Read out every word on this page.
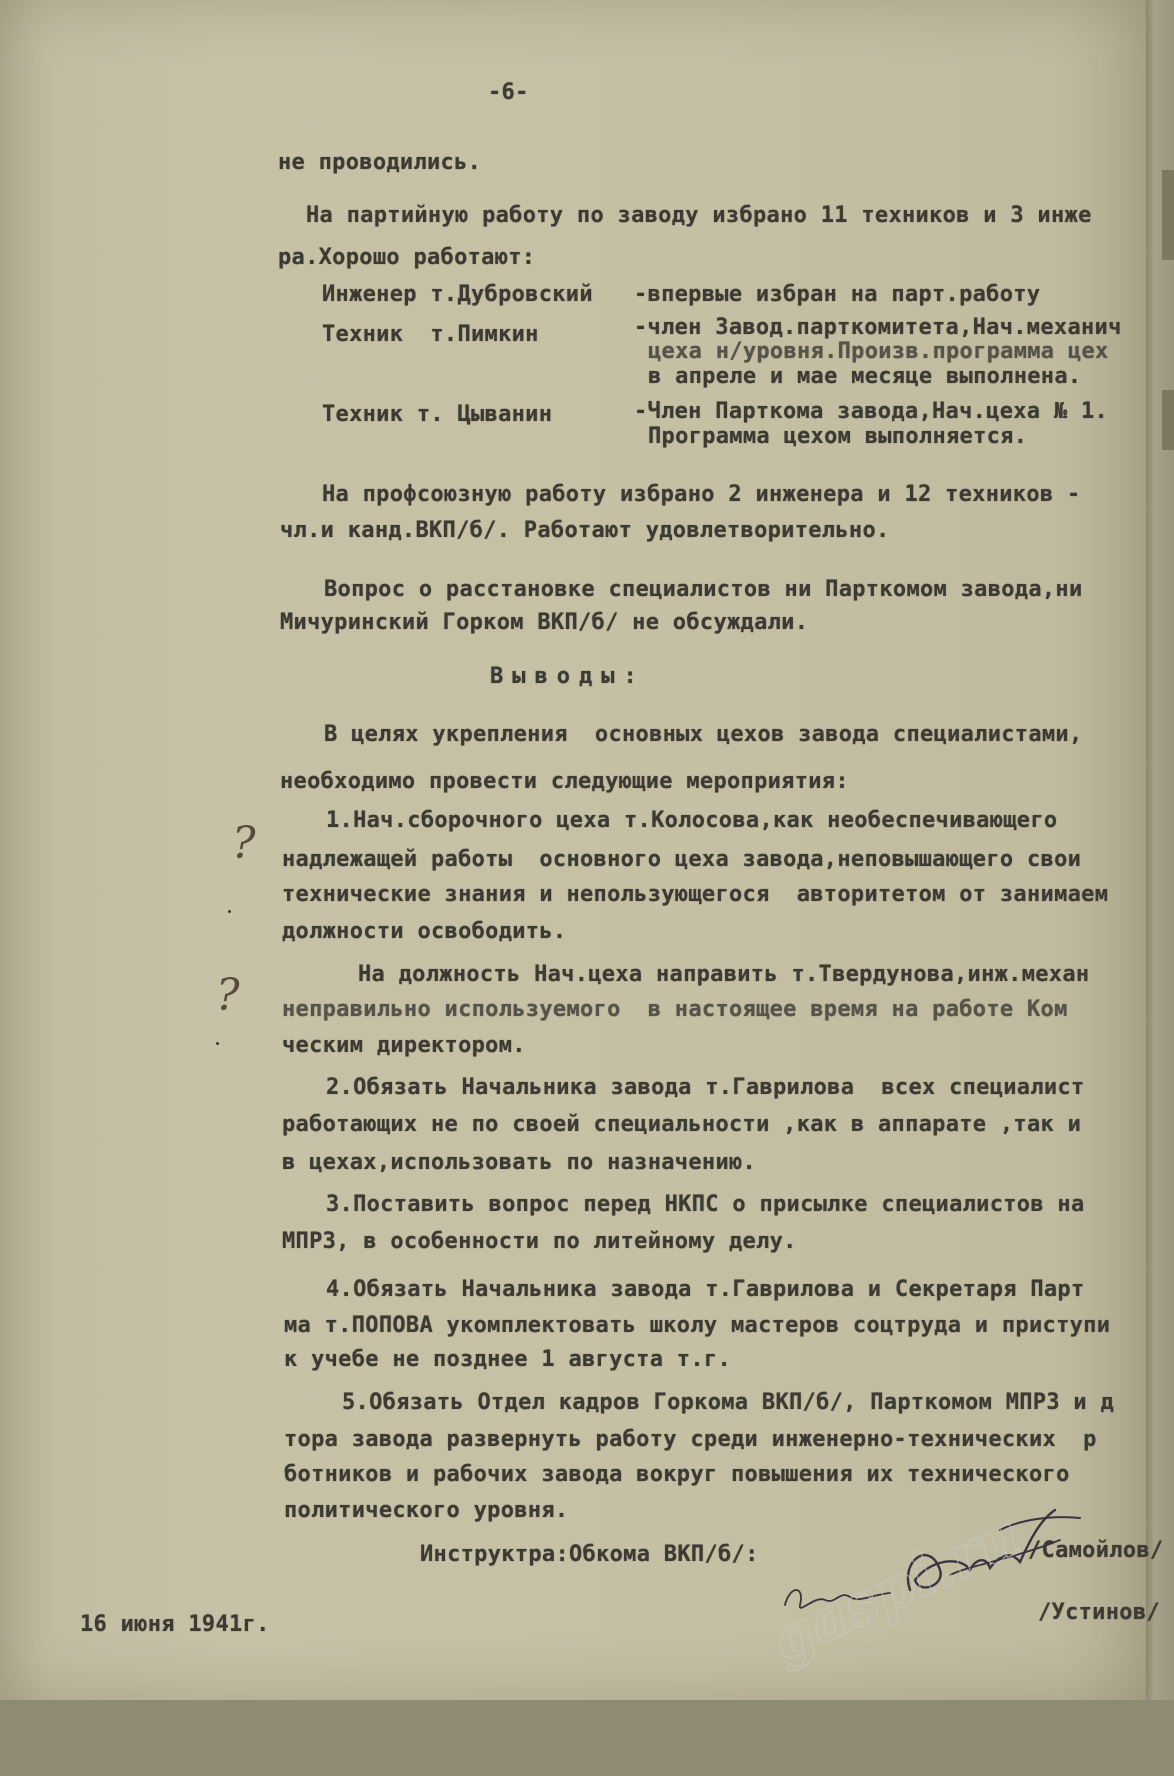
-6-
не проводились.
На партийную работу по заводу избрано 11 техников и 3 инже
ра.Хорошо работают:
Инженер т.Дубровский -впервые избран на парт.работу
Техник  т.Пимкин	-член Завод.парткомитета,Нач.механич
цеха н/уровня.Произв.программа цех
в апреле и мае месяце выполнена.
Техник т. Цыванин	-Член Парткома завода,Нач.цеха № 1.
Программа цехом выполняется.
На профсоюзную работу избрано 2 инженера и 12 техников -
чл.и канд.ВКП/б/. Работают удовлетворительно.
Вопрос о расстановке специалистов ни Парткомом завода,ни
Мичуринский Горком ВКП/б/ не обсуждали.
Выводы:
В целях укрепления  основных цехов завода специалистами,
необходимо провести следующие мероприятия:
1.Нач.сборочного цеха т.Колосова,как необеспечивающего
надлежащей работы  основного цеха завода,неповышающего свои
технические знания и непользующегося  авторитетом от занимаем
должности освободить.
На должность Нач.цеха направить т.Твердунова,инж.механ
неправильно используемого  в настоящее время на работе Ком
ческим директором.
2.Обязать Начальника завода т.Гаврилова  всех специалист
работающих не по своей специальности ,как в аппарате ,так и
в цехах,использовать по назначению.
3.Поставить вопрос перед НКПС о присылке специалистов на
МПРЗ, в особенности по литейному делу.
4.Обязать Начальника завода т.Гаврилова и Секретаря Парт
ма т.ПОПОВА укомплектовать школу мастеров соцтруда и приступи
к учебе не позднее 1 августа т.г.
5.Обязать Отдел кадров Горкома ВКП/б/, Парткомом МПРЗ и д
тора завода развернуть работу среди инженерно-технических  р
ботников и рабочих завода вокруг повышения их технического
политического уровня.
Инструктра:Обкома ВКП/б/:	/Самойлов/
16 июня 1941г.	/Устинов/
?
?
